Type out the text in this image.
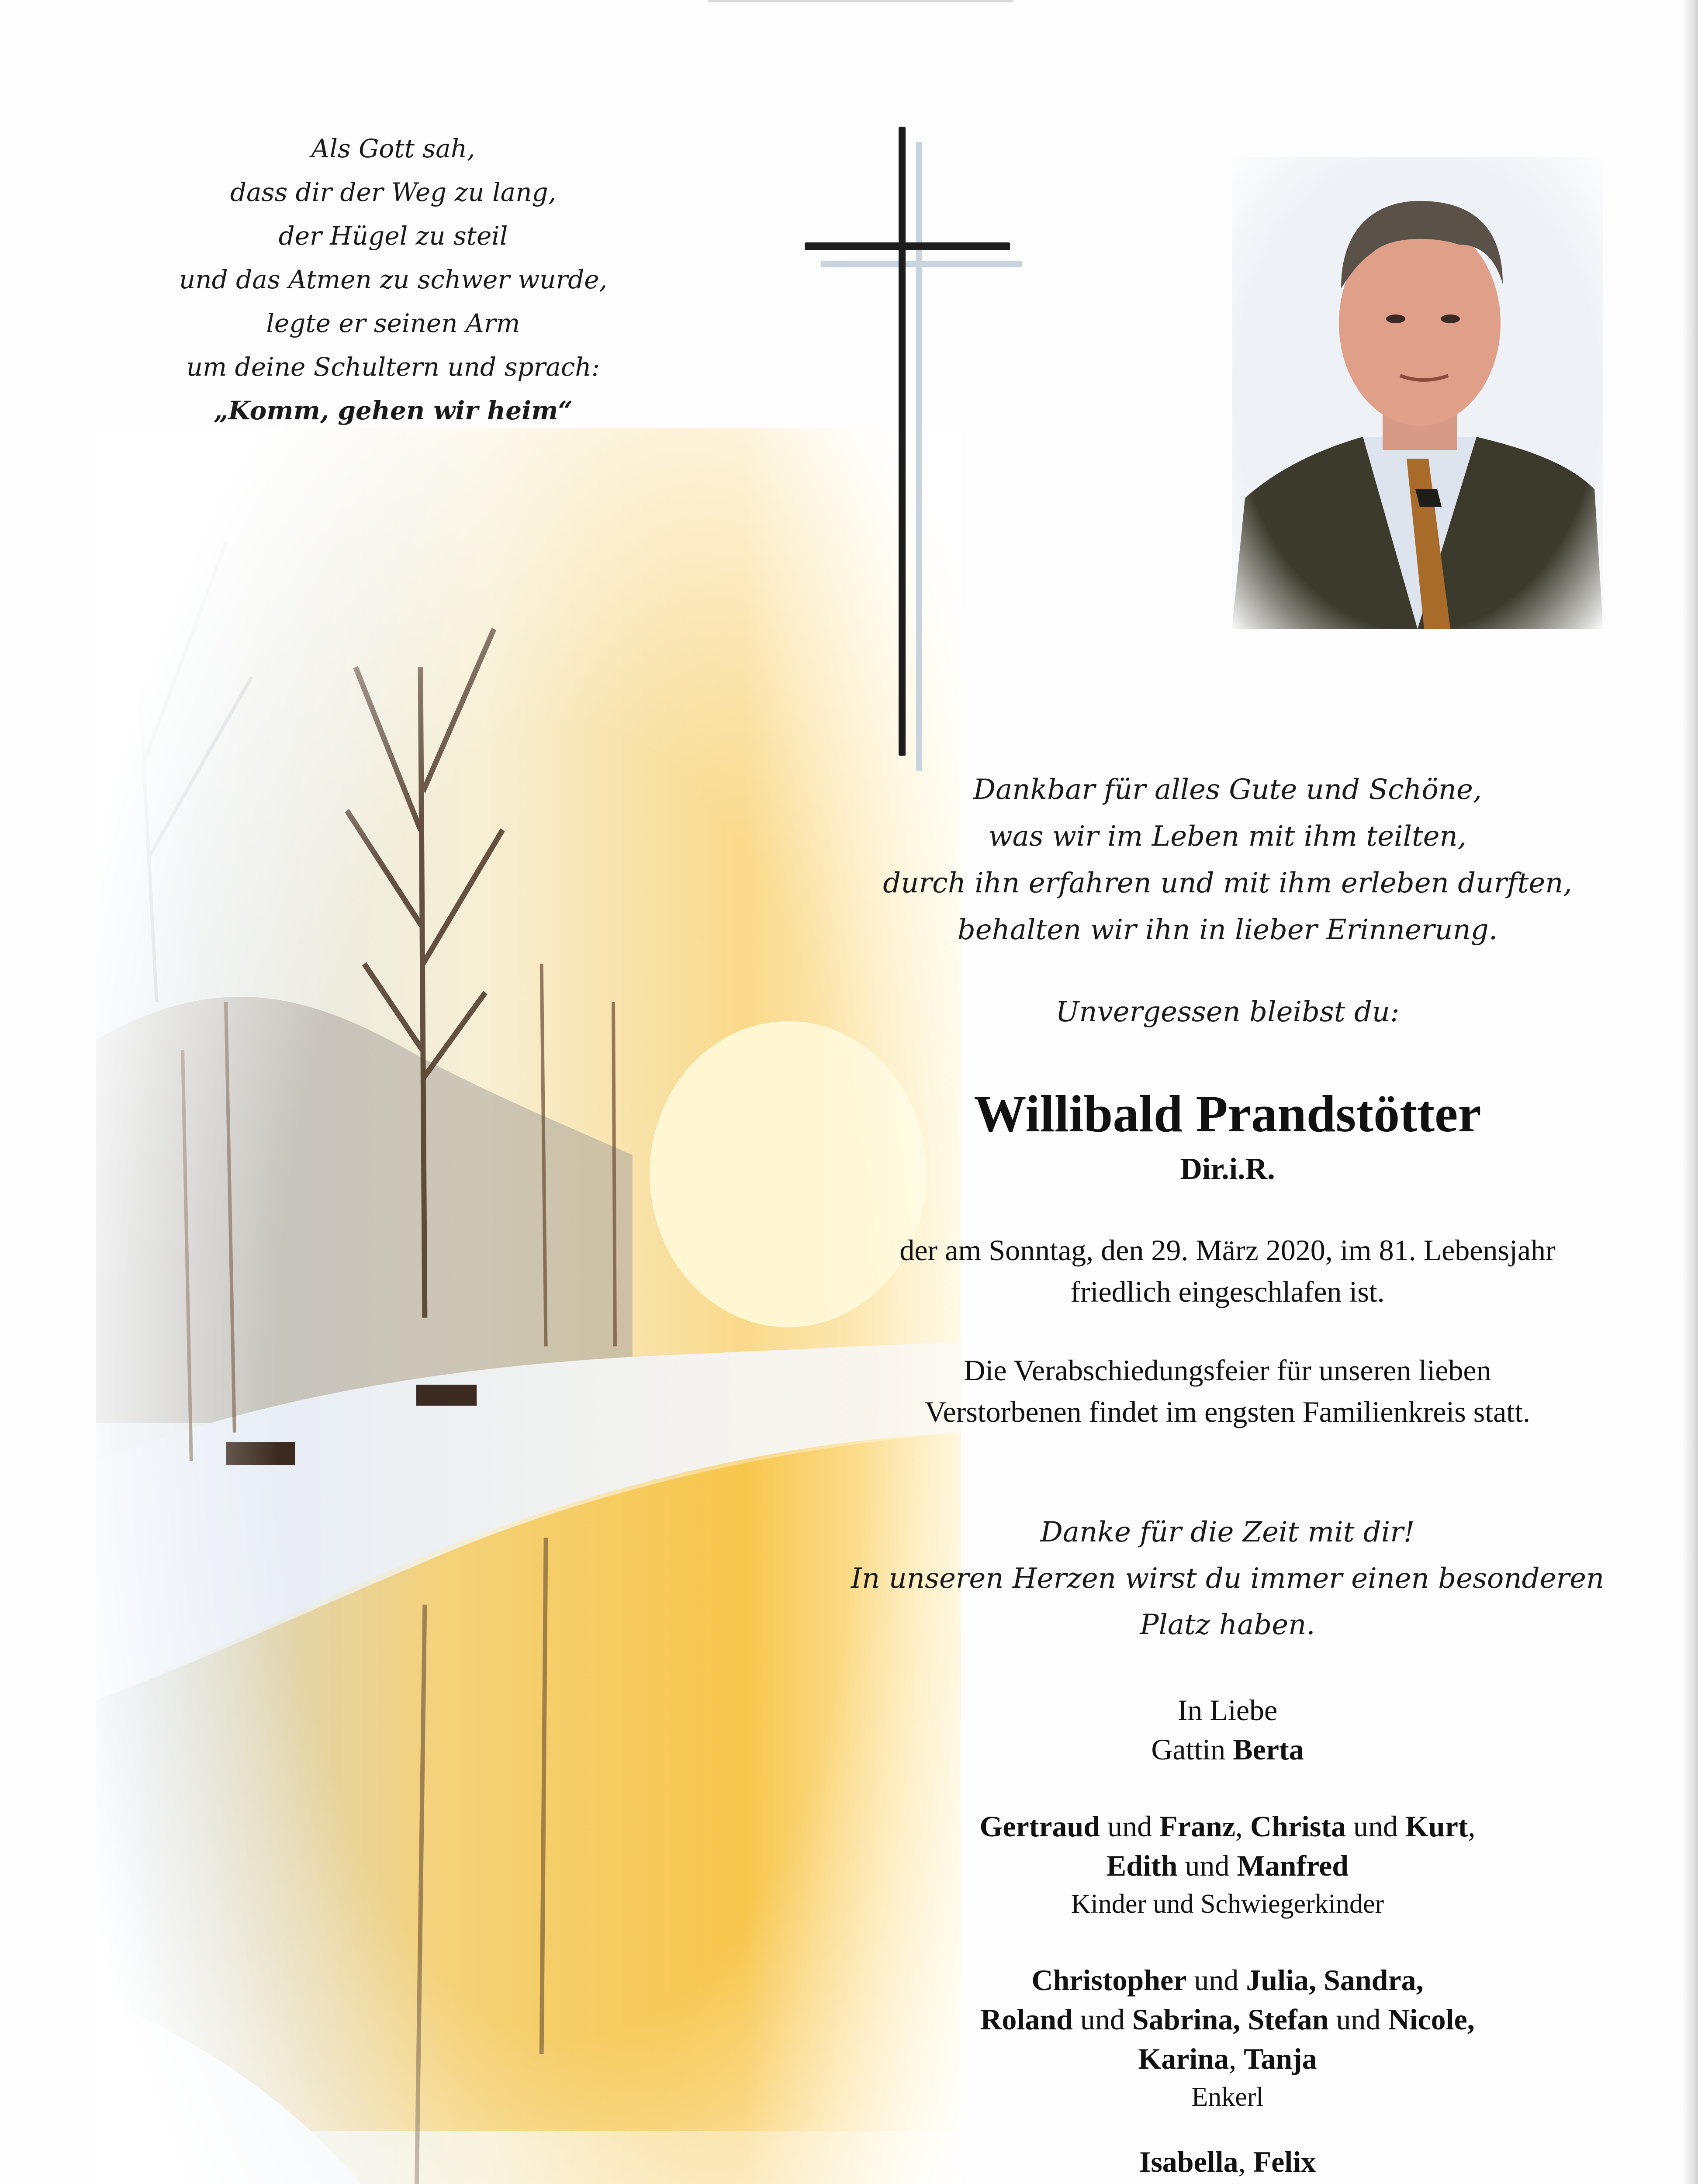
Als Gott sah,
dass dir der Weg zu lang,
der Hügel zu steil
und das Atmen zu schwer wurde,
legte er seinen Arm
um deine Schultern und sprach:
„Komm, gehen wir heim“
Dankbar für alles Gute und Schöne,
was wir im Leben mit ihm teilten,
durch ihn erfahren und mit ihm erleben durften,
behalten wir ihn in lieber Erinnerung.
Unvergessen bleibst du:
Willibald Prandstötter
Dir.i.R.
der am Sonntag, den 29. März 2020, im 81. Lebensjahr
friedlich eingeschlafen ist.
Die Verabschiedungsfeier für unseren lieben
Verstorbenen findet im engsten Familienkreis statt.
Danke für die Zeit mit dir!
In unseren Herzen wirst du immer einen besonderen
Platz haben.
In Liebe
Gattin Berta
Gertraud und Franz, Christa und Kurt,
Edith und Manfred
Kinder und Schwiegerkinder
Christopher und Julia, Sandra,
Roland und Sabrina, Stefan und Nicole,
Karina, Tanja
Enkerl
Isabella, Felix
